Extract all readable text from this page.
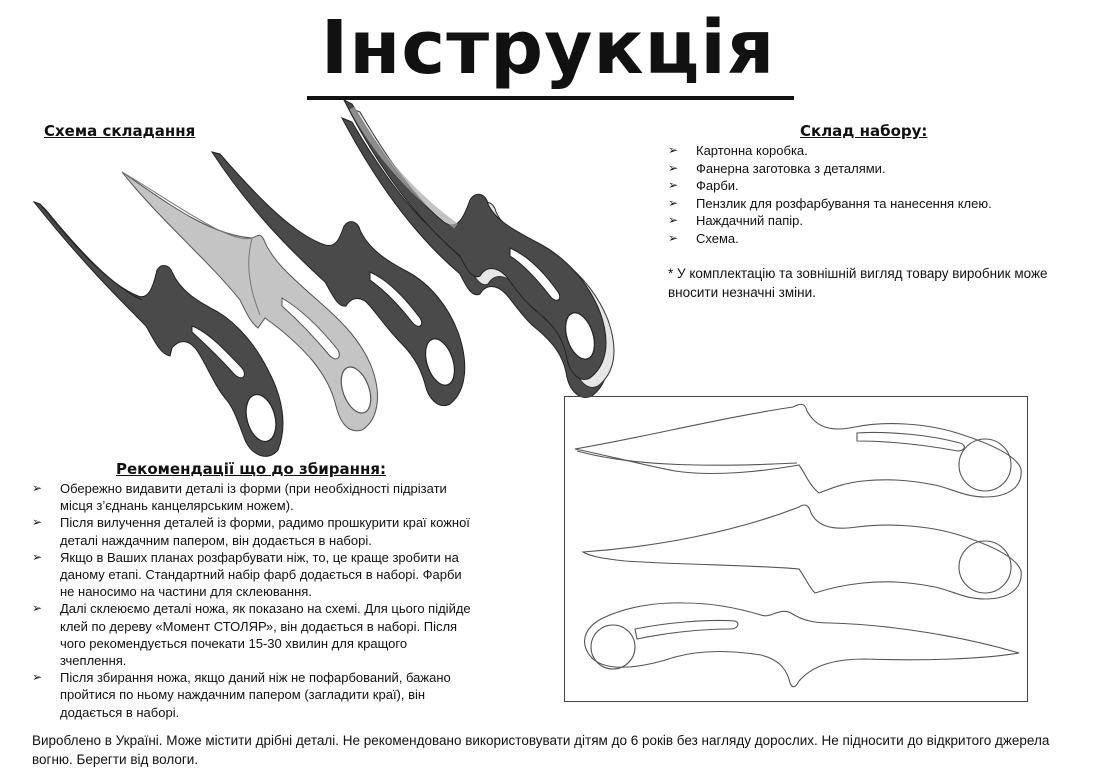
Інструкція
Схема складання	Склад набору:
➢ Картонна коробка.
➢ Фанерна заготовка з деталями.
➢ Фарби.
➢ Пензлик для розфарбування та нанесення клею.
➢ Наждачний папір.
➢ Схема.
* У комплектацію та зовнішній вигляд товару виробник може вносити незначні зміни.
Рекомендації що до збирання:
➢ Обережно видавити деталі із форми (при необхідності підрізати місця з’єднань канцелярським ножем).
➢ Після вилучення деталей із форми, радимо прошкурити краї кожної деталі наждачним папером, він додається в наборі.
➢ Якщо в Ваших планах розфарбувати ніж, то, це краще зробити на даному етапі. Стандартний набір фарб додається в наборі. Фарби не наносимо на частини для склеювання.
➢ Далі склеюємо деталі ножа, як показано на схемі. Для цього підійде клей по дереву «Момент СТОЛЯР», він додається в наборі. Після чого рекомендується почекати 15-30 хвилин для кращого зчеплення.
➢ Після збирання ножа, якщо даний ніж не пофарбований, бажано пройтися по ньому наждачним папером (загладити краї), він додається в наборі.
Вироблено в Україні. Може містити дрібні деталі. Не рекомендовано використовувати дітям до 6 років без нагляду дорослих. Не підносити до відкритого джерела вогню. Берегти від вологи.
